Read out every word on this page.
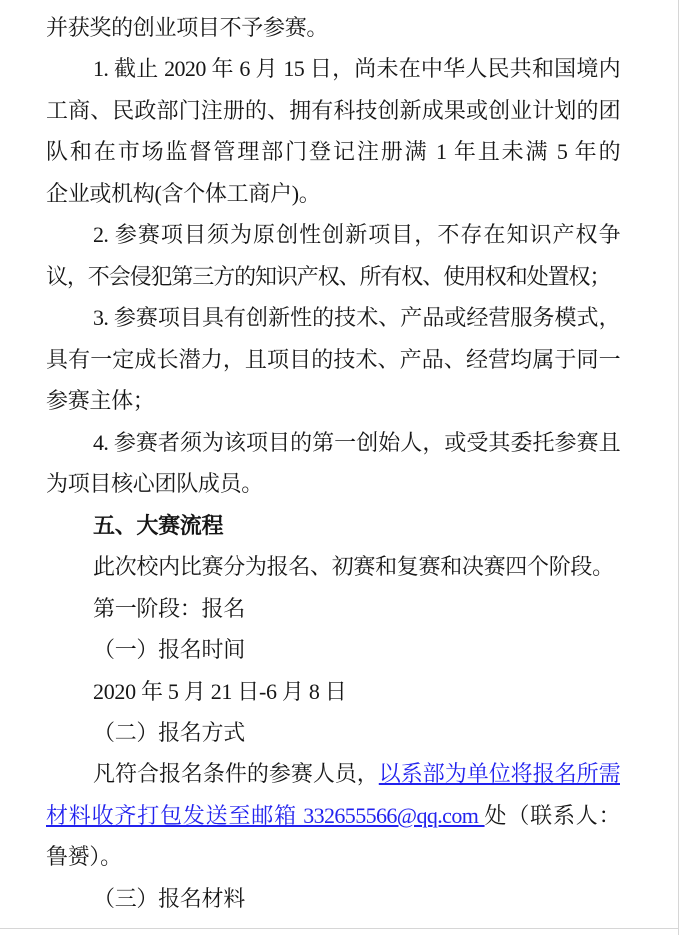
并获奖的创业项目不予参赛。

1. 截止 2020 年 6 月 15 日，尚未在中华人民共和国境内

工商、民政部门注册的、拥有科技创新成果或创业计划的团

队和在市场监督管理部门登记注册满 1 年且未满 5 年的

企业或机构(含个体工商户)。

2. 参赛项目须为原创性创新项目，不存在知识产权争

议，不会侵犯第三方的知识产权、所有权、使用权和处置权；

3. 参赛项目具有创新性的技术、产品或经营服务模式，

具有一定成长潜力，且项目的技术、产品、经营均属于同一

参赛主体；

4. 参赛者须为该项目的第一创始人，或受其委托参赛且

为项目核心团队成员。

五、大赛流程

此次校内比赛分为报名、初赛和复赛和决赛四个阶段。

第一阶段：报名

（一）报名时间

2020 年 5 月 21 日-6 月 8 日

（二）报名方式

凡符合报名条件的参赛人员，以系部为单位将报名所需

材料收齐打包发送至邮箱 332655566@qq.com 处（联系人：

鲁赟）。

（三）报名材料
